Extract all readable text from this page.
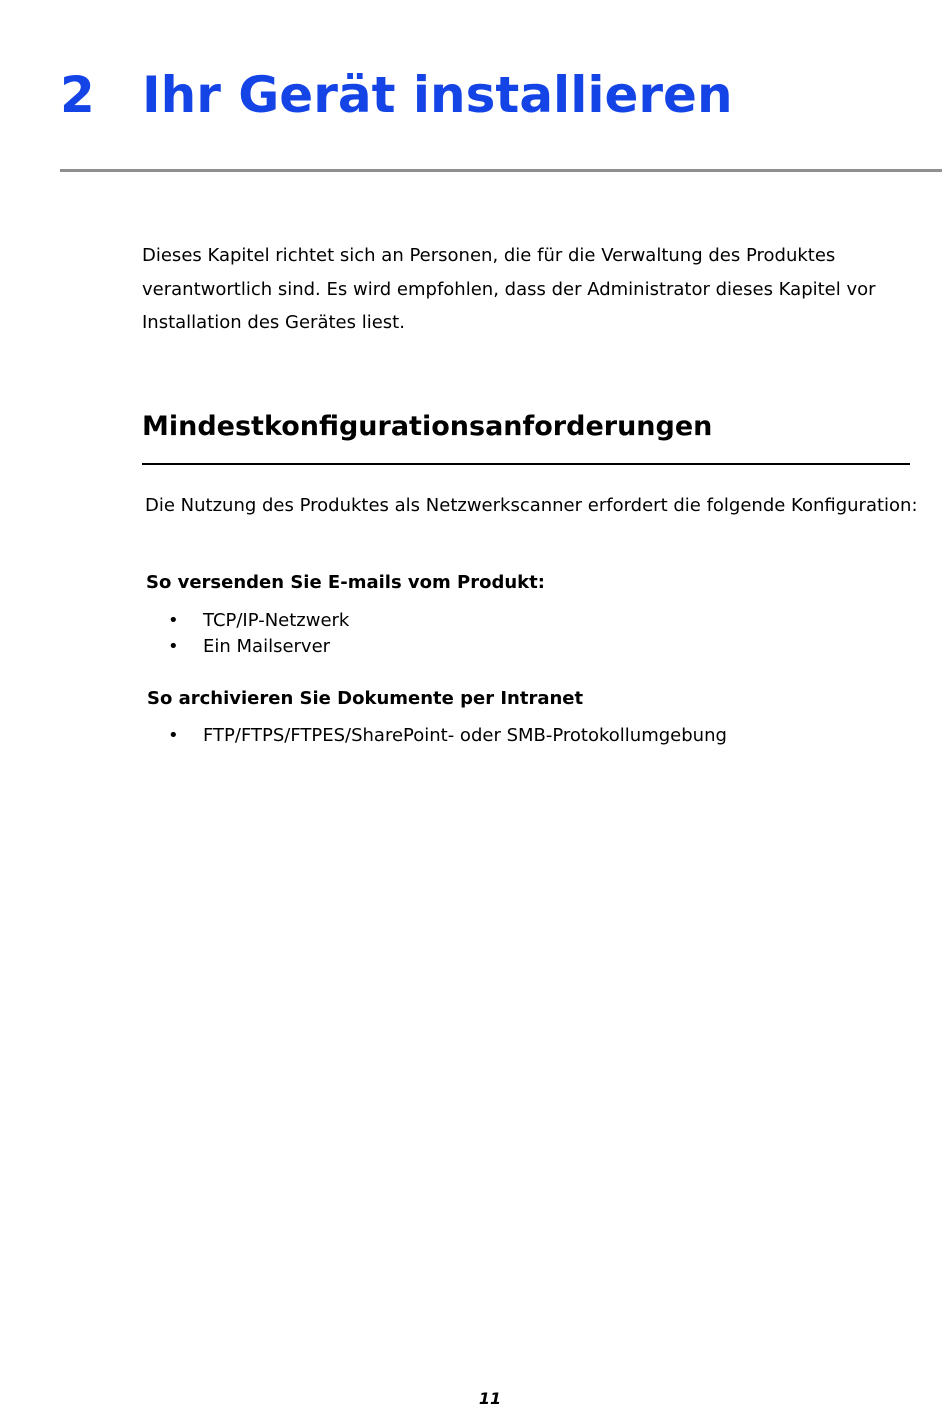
2 Ihr Gerät installieren

Dieses Kapitel richtet sich an Personen, die für die Verwaltung des Produktes verantwortlich sind. Es wird empfohlen, dass der Administrator dieses Kapitel vor Installation des Gerätes liest.

Mindestkonfigurationsanforderungen

Die Nutzung des Produktes als Netzwerkscanner erfordert die folgende Konfiguration:

So versenden Sie E-mails vom Produkt:
• TCP/IP-Netzwerk
• Ein Mailserver
So archivieren Sie Dokumente per Intranet
• FTP/FTPS/FTPES/SharePoint- oder SMB-Protokollumgebung

11
